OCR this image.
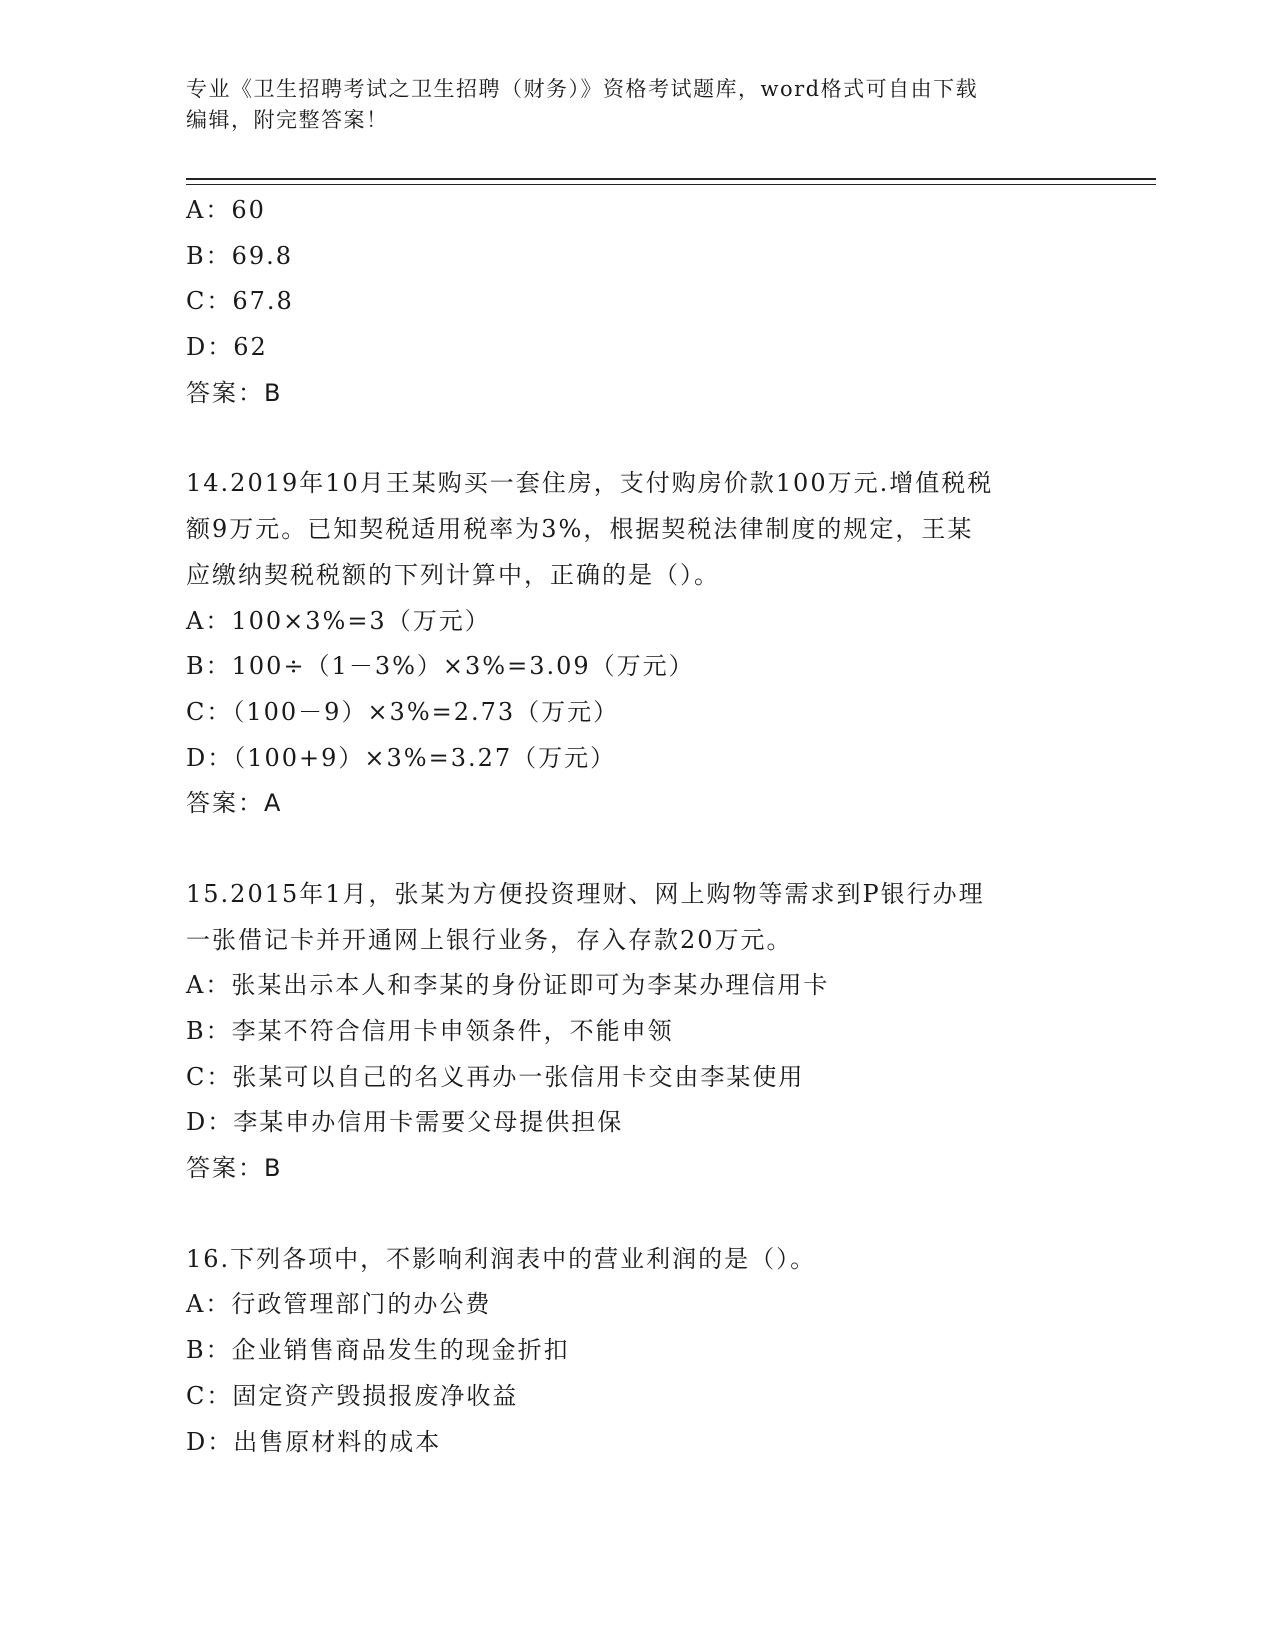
专业《卫生招聘考试之卫生招聘（财务）》资格考试题库，word格式可自由下载
编辑，附完整答案！
A：60
B：69.8
C：67.8
D：62
答案：B
14.2019年10月王某购买一套住房，支付购房价款100万元.增值税税
额9万元。已知契税适用税率为3%，根据契税法律制度的规定，王某
应缴纳契税税额的下列计算中，正确的是（）。
A：100×3%=3（万元）
B：100÷（1－3%）×3%=3.09（万元）
C：（100－9）×3%=2.73（万元）
D：（100+9）×3%=3.27（万元）
答案：A
15.2015年1月，张某为方便投资理财、网上购物等需求到P银行办理
一张借记卡并开通网上银行业务，存入存款20万元。
A：张某出示本人和李某的身份证即可为李某办理信用卡
B：李某不符合信用卡申领条件，不能申领
C：张某可以自己的名义再办一张信用卡交由李某使用
D：李某申办信用卡需要父母提供担保
答案：B
16.下列各项中，不影响利润表中的营业利润的是（）。
A：行政管理部门的办公费
B：企业销售商品发生的现金折扣
C：固定资产毁损报废净收益
D：出售原材料的成本
